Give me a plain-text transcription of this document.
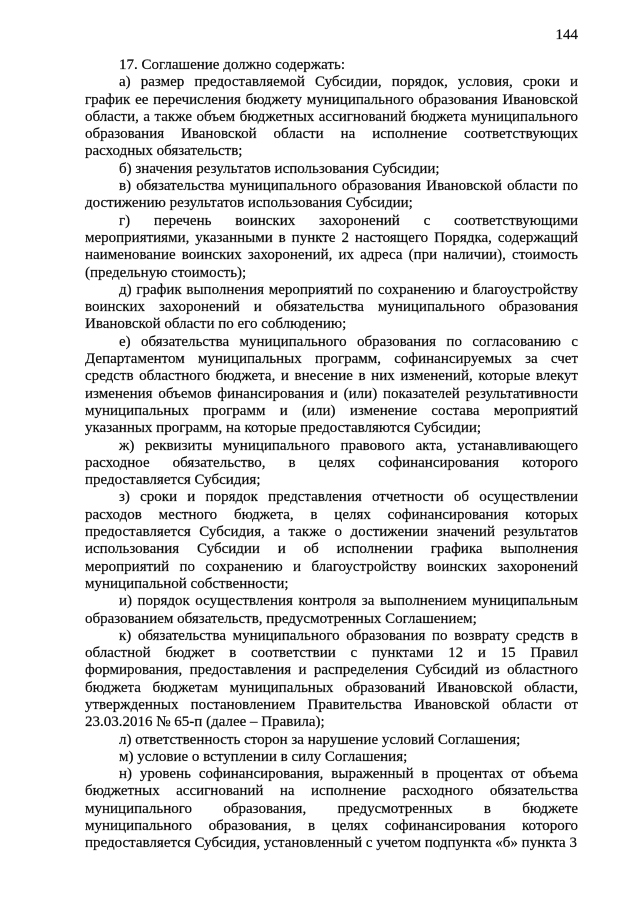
144

17. Соглашение должно содержать:

а) размер предоставляемой Субсидии, порядок, условия, сроки и график ее перечисления бюджету муниципального образования Ивановской области, а также объем бюджетных ассигнований бюджета муниципального образования Ивановской области на исполнение соответствующих расходных обязательств;

б) значения результатов использования Субсидии;

в) обязательства муниципального образования Ивановской области по достижению результатов использования Субсидии;

г) перечень воинских захоронений с соответствующими мероприятиями, указанными в пункте 2 настоящего Порядка, содержащий наименование воинских захоронений, их адреса (при наличии), стоимость (предельную стоимость);

д) график выполнения мероприятий по сохранению и благоустройству воинских захоронений и обязательства муниципального образования Ивановской области по его соблюдению;

е) обязательства муниципального образования по согласованию с Департаментом муниципальных программ, софинансируемых за счет средств областного бюджета, и внесение в них изменений, которые влекут изменения объемов финансирования и (или) показателей результативности муниципальных программ и (или) изменение состава мероприятий указанных программ, на которые предоставляются Субсидии;

ж) реквизиты муниципального правового акта, устанавливающего расходное обязательство, в целях софинансирования которого предоставляется Субсидия;

з) сроки и порядок представления отчетности об осуществлении расходов местного бюджета, в целях софинансирования которых предоставляется Субсидия, а также о достижении значений результатов использования Субсидии и об исполнении графика выполнения мероприятий по сохранению и благоустройству воинских захоронений муниципальной собственности;

и) порядок осуществления контроля за выполнением муниципальным образованием обязательств, предусмотренных Соглашением;

к) обязательства муниципального образования по возврату средств в областной бюджет в соответствии с пунктами 12 и 15 Правил формирования, предоставления и распределения Субсидий из областного бюджета бюджетам муниципальных образований Ивановской области, утвержденных постановлением Правительства Ивановской области от 23.03.2016 № 65-п (далее – Правила);

л) ответственность сторон за нарушение условий Соглашения;

м) условие о вступлении в силу Соглашения;

н) уровень софинансирования, выраженный в процентах от объема бюджетных ассигнований на исполнение расходного обязательства муниципального образования, предусмотренных в бюджете муниципального образования, в целях софинансирования которого предоставляется Субсидия, установленный с учетом подпункта «б» пункта 3
